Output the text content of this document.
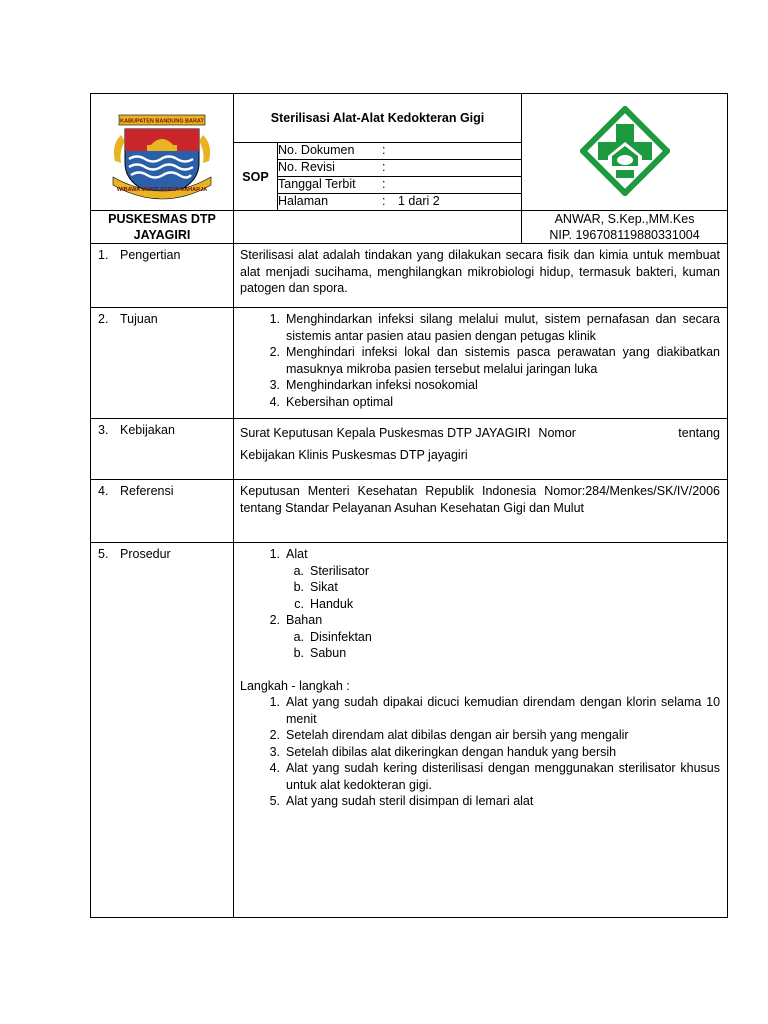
KABUPATEN BANDUNG BARAT
WIBAWA MUKTI KERTA RAHARJA

Sterilisasi Alat-Alat Kedokteran Gigi

SOP	
No. Dokumen	:	
No. Revisi	:	
Tanggal Terbit	:	
Halaman	:	1 dari 2

PUSKESMAS DTP
JAYAGIRI

ANWAR, S.Kep.,MM.Kes
NIP. 196708119880331004

1. Pengertian	Sterilisasi alat adalah tindakan yang dilakukan secara fisik dan kimia untuk membuat alat menjadi sucihama, menghilangkan mikrobiologi hidup, termasuk bakteri, kuman patogen dan spora.

2. Tujuan	1. Menghindarkan infeksi silang melalui mulut, sistem pernafasan dan secara sistemis antar pasien atau pasien dengan petugas klinik
2. Menghindari infeksi lokal dan sistemis pasca perawatan yang diakibatkan masuknya mikroba pasien tersebut melalui jaringan luka
3. Menghindarkan infeksi nosokomial
4. Kebersihan optimal

3. Kebijakan	Surat Keputusan Kepala Puskesmas DTP JAYAGIRI Nomor	tentang
Kebijakan Klinis Puskesmas DTP jayagiri

4. Referensi	Keputusan Menteri Kesehatan Republik Indonesia Nomor:284/Menkes/SK/IV/2006 tentang Standar Pelayanan Asuhan Kesehatan Gigi dan Mulut

5. Prosedur	1. Alat
a. Sterilisator
b. Sikat
c. Handuk
2. Bahan
a. Disinfektan
b. Sabun
Langkah - langkah :
1. Alat yang sudah dipakai dicuci kemudian direndam dengan klorin selama 10 menit
2. Setelah direndam alat dibilas dengan air bersih yang mengalir
3. Setelah dibilas alat dikeringkan dengan handuk yang bersih
4. Alat yang sudah kering disterilisasi dengan menggunakan sterilisator khusus untuk alat kedokteran gigi.
5. Alat yang sudah steril disimpan di lemari alat
